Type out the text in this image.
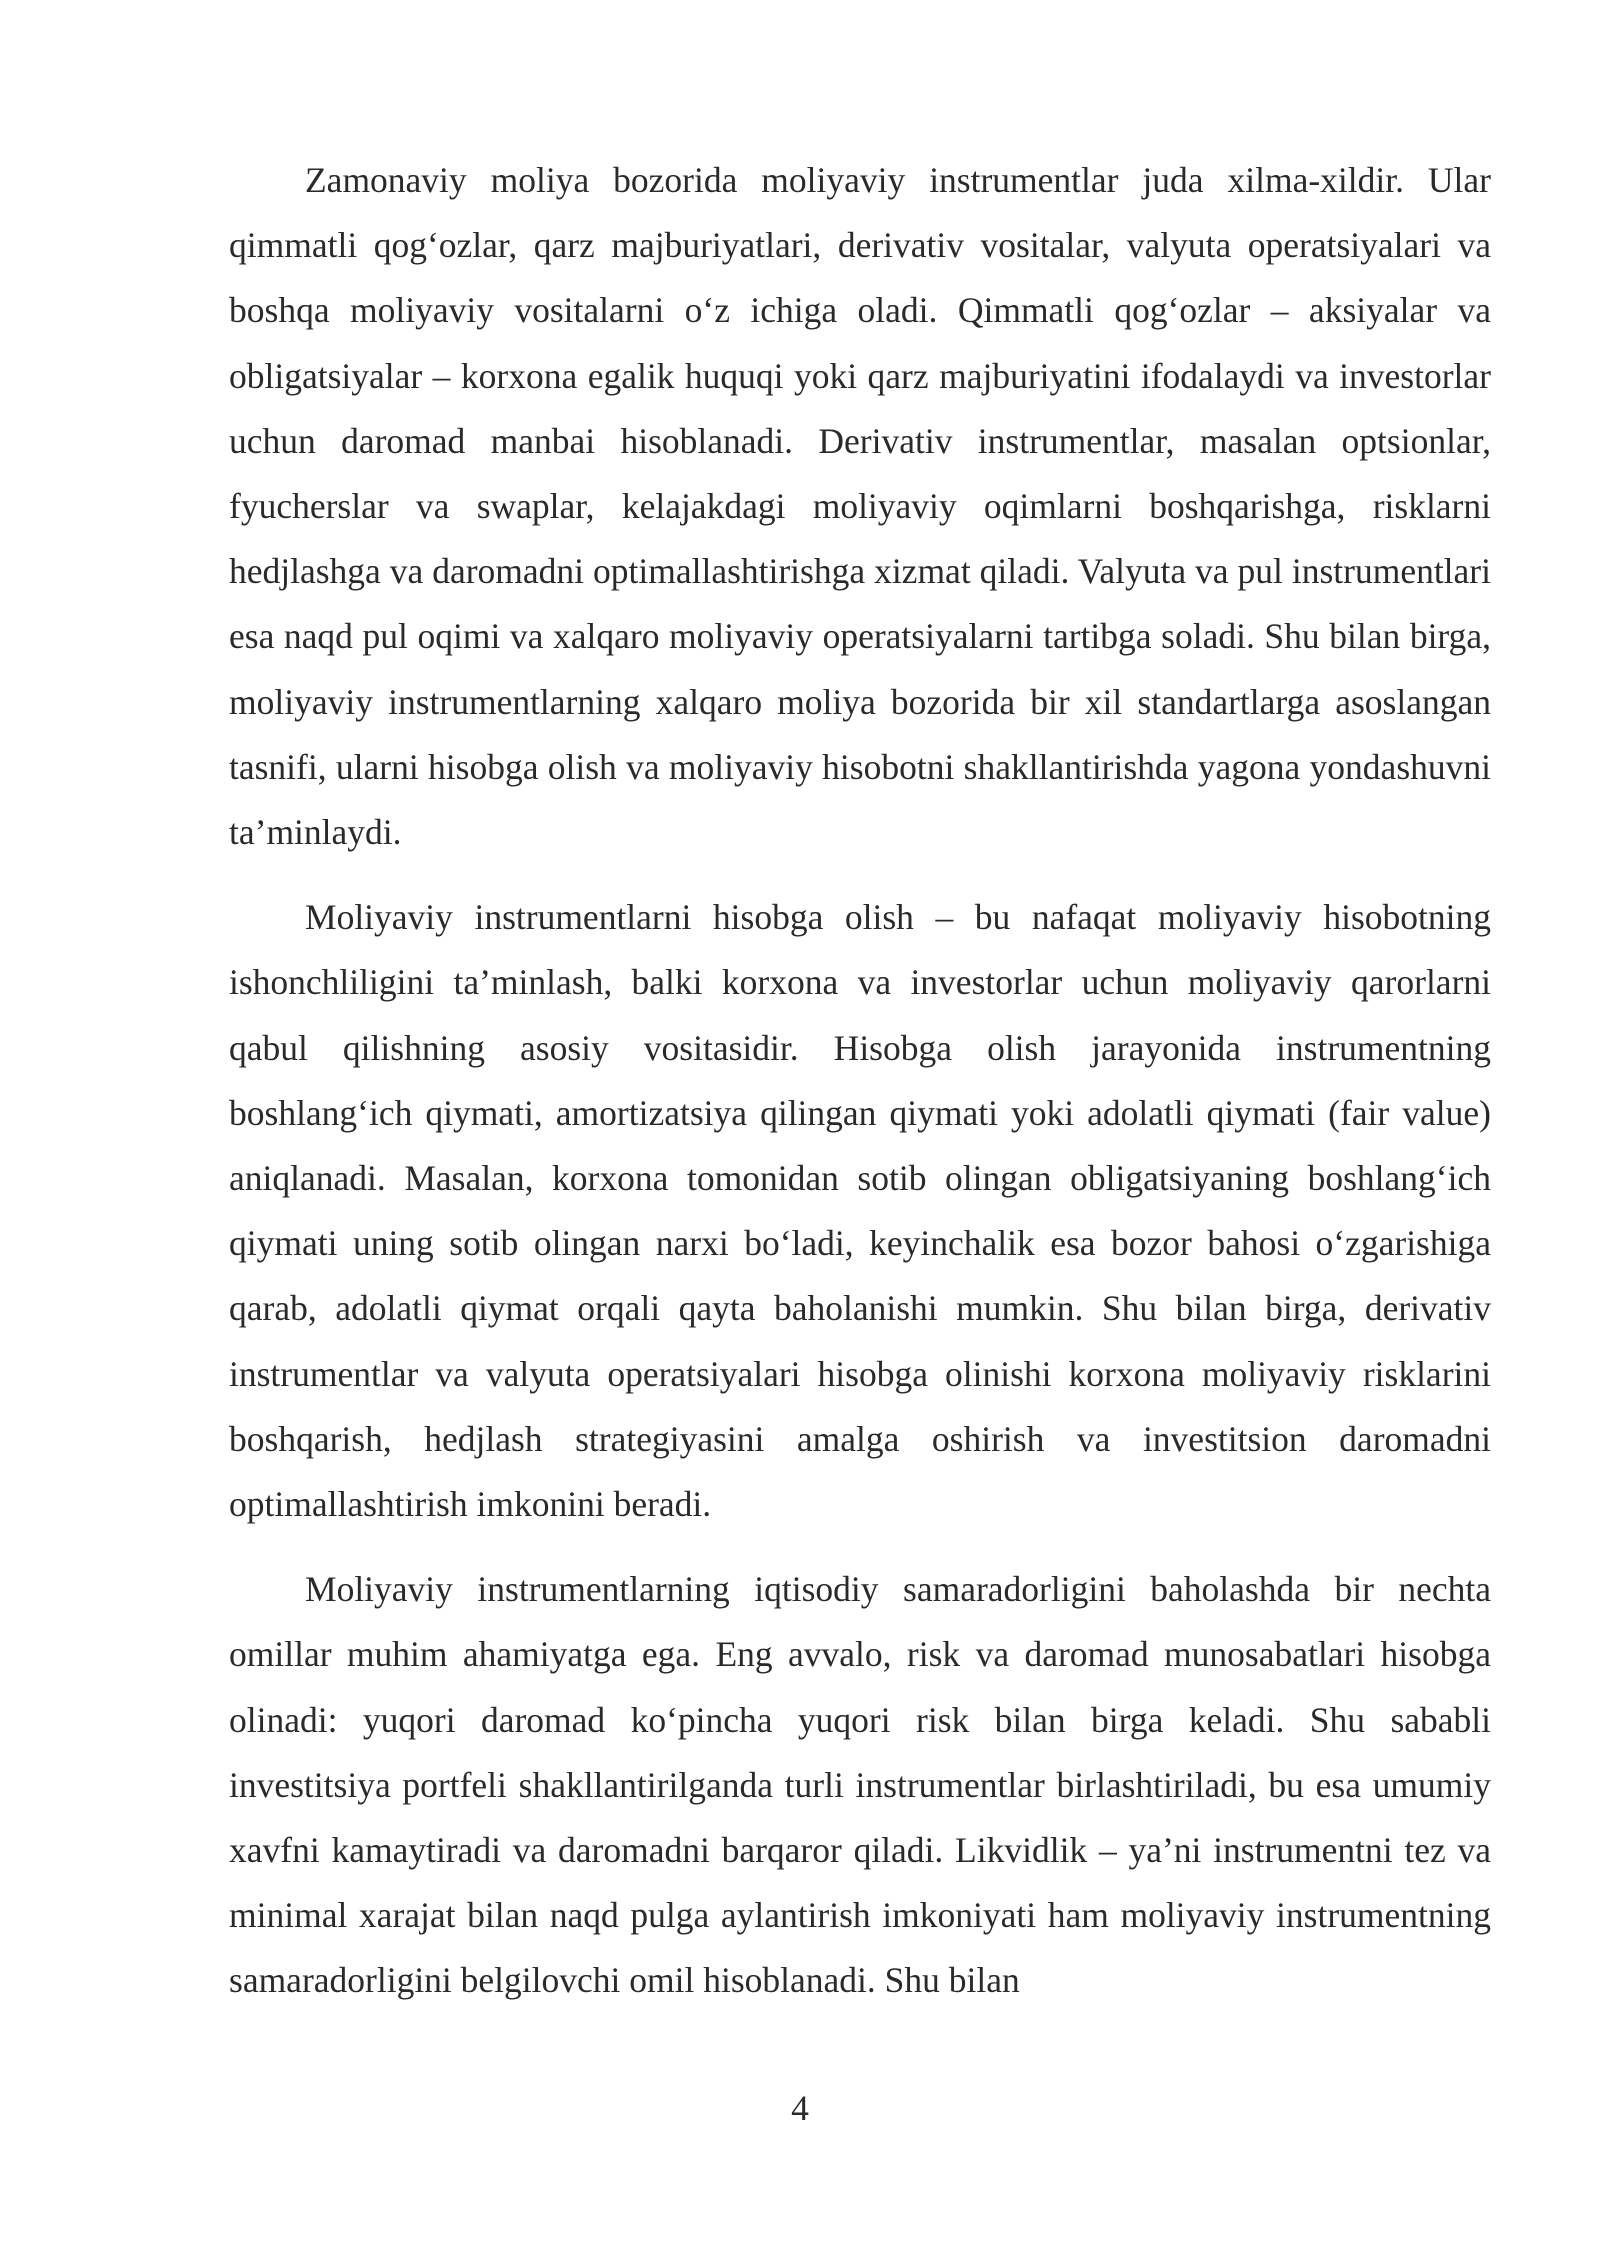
Zamonaviy moliya bozorida moliyaviy instrumentlar juda xilma-xildir. Ular qimmatli qog‘ozlar, qarz majburiyatlari, derivativ vositalar, valyuta operatsiyalari va boshqa moliyaviy vositalarni o‘z ichiga oladi. Qimmatli qog‘ozlar – aksiyalar va obligatsiyalar – korxona egalik huquqi yoki qarz majburiyatini ifodalaydi va investorlar uchun daromad manbai hisoblanadi. Derivativ instrumentlar, masalan optsionlar, fyucherslar va swaplar, kelajakdagi moliyaviy oqimlarni boshqarishga, risklarni hedjlashga va daromadni optimallashtirishga xizmat qiladi. Valyuta va pul instrumentlari esa naqd pul oqimi va xalqaro moliyaviy operatsiyalarni tartibga soladi. Shu bilan birga, moliyaviy instrumentlarning xalqaro moliya bozorida bir xil standartlarga asoslangan tasnifi, ularni hisobga olish va moliyaviy hisobotni shakllantirishda yagona yondashuvni ta’minlaydi.

Moliyaviy instrumentlarni hisobga olish – bu nafaqat moliyaviy hisobotning ishonchliligini ta’minlash, balki korxona va investorlar uchun moliyaviy qarorlarni qabul qilishning asosiy vositasidir. Hisobga olish jarayonida instrumentning boshlang‘ich qiymati, amortizatsiya qilingan qiymati yoki adolatli qiymati (fair value) aniqlanadi. Masalan, korxona tomonidan sotib olingan obligatsiyaning boshlang‘ich qiymati uning sotib olingan narxi bo‘ladi, keyinchalik esa bozor bahosi o‘zgarishiga qarab, adolatli qiymat orqali qayta baholanishi mumkin. Shu bilan birga, derivativ instrumentlar va valyuta operatsiyalari hisobga olinishi korxona moliyaviy risklarini boshqarish, hedjlash strategiyasini amalga oshirish va investitsion daromadni optimallashtirish imkonini beradi.

Moliyaviy instrumentlarning iqtisodiy samaradorligini baholashda bir nechta omillar muhim ahamiyatga ega. Eng avvalo, risk va daromad munosabatlari hisobga olinadi: yuqori daromad ko‘pincha yuqori risk bilan birga keladi. Shu sababli investitsiya portfeli shakllantirilganda turli instrumentlar birlashtiriladi, bu esa umumiy xavfni kamaytiradi va daromadni barqaror qiladi. Likvidlik – ya’ni instrumentni tez va minimal xarajat bilan naqd pulga aylantirish imkoniyati ham moliyaviy instrumentning samaradorligini belgilovchi omil hisoblanadi. Shu bilan

4
